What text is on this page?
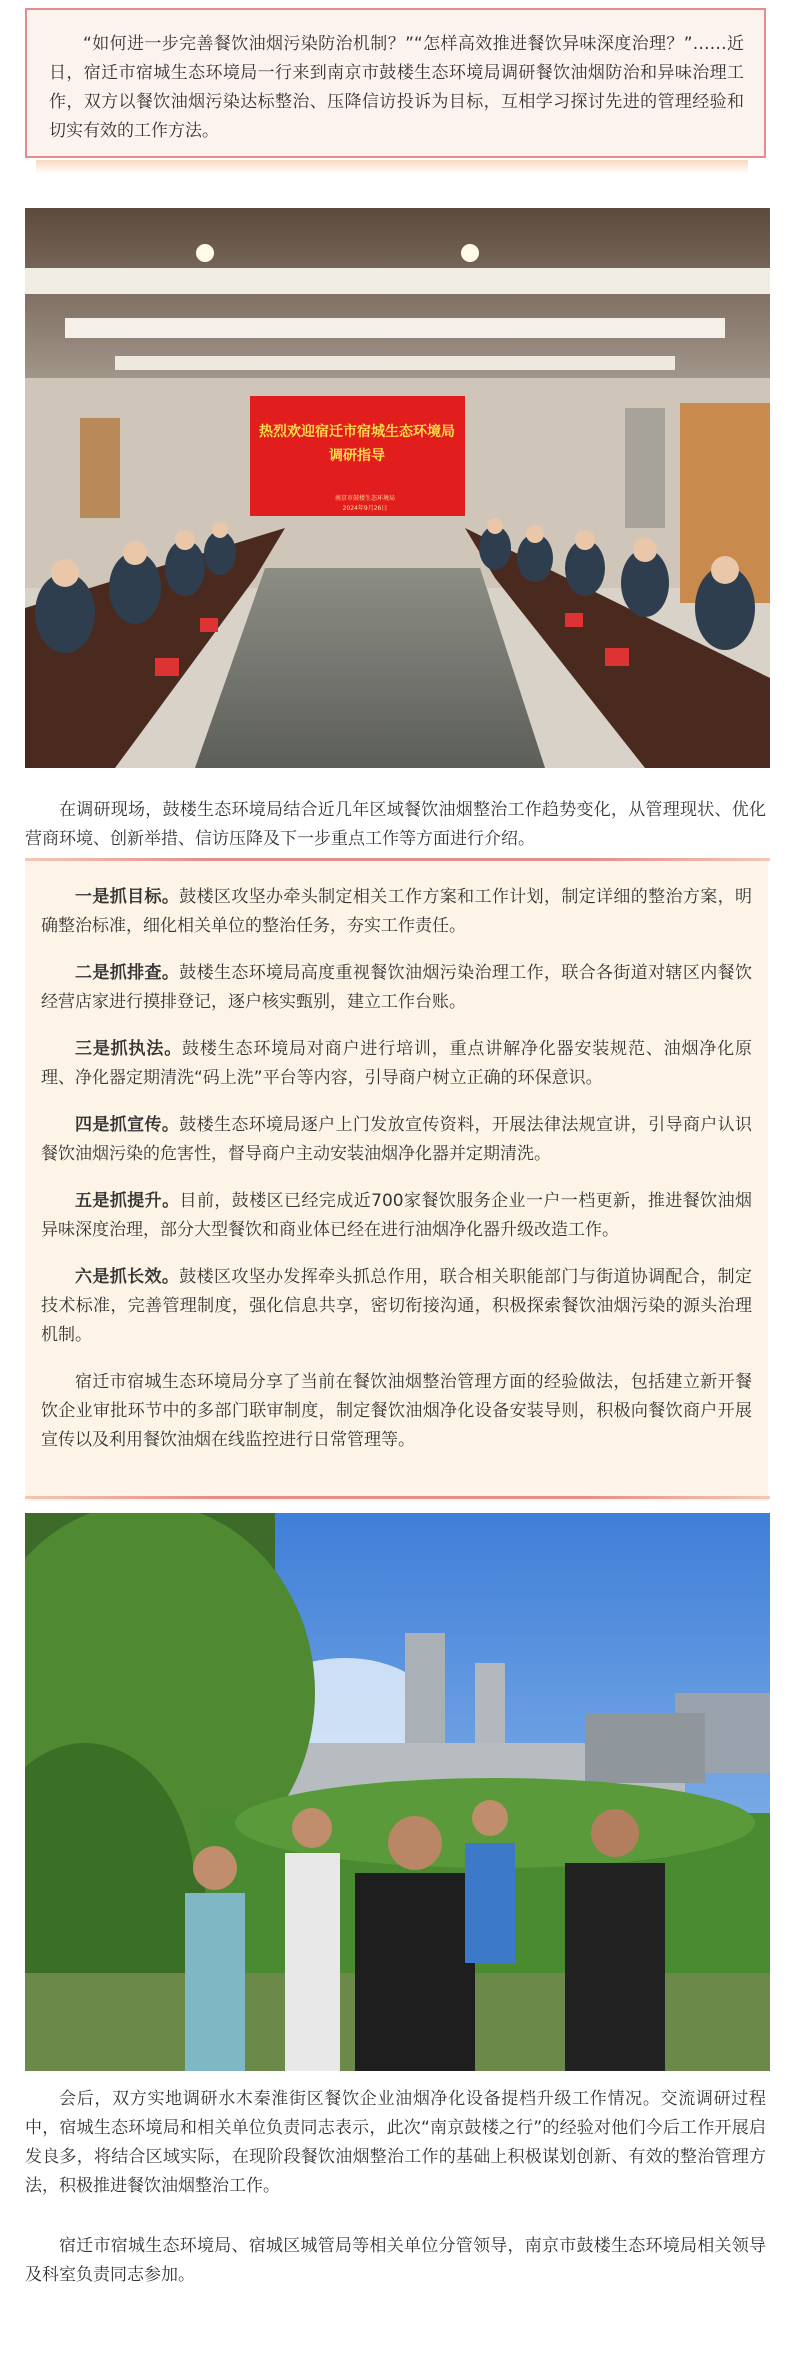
“如何进一步完善餐饮油烟污染防治机制？”“怎样高效推进餐饮异味深度治理？”……近日，宿迁市宿城生态环境局一行来到南京市鼓楼生态环境局调研餐饮油烟防治和异味治理工作，双方以餐饮油烟污染达标整治、压降信访投诉为目标，互相学习探讨先进的管理经验和切实有效的工作方法。

热烈欢迎宿迁市宿城生态环境局
调研指导
南京市鼓楼生态环境局
2024年9月26日

在调研现场，鼓楼生态环境局结合近几年区域餐饮油烟整治工作趋势变化，从管理现状、优化营商环境、创新举措、信访压降及下一步重点工作等方面进行介绍。

一是抓目标。鼓楼区攻坚办牵头制定相关工作方案和工作计划，制定详细的整治方案，明确整治标准，细化相关单位的整治任务，夯实工作责任。

二是抓排查。鼓楼生态环境局高度重视餐饮油烟污染治理工作，联合各街道对辖区内餐饮经营店家进行摸排登记，逐户核实甄别，建立工作台账。

三是抓执法。鼓楼生态环境局对商户进行培训，重点讲解净化器安装规范、油烟净化原理、净化器定期清洗“码上洗”平台等内容，引导商户树立正确的环保意识。

四是抓宣传。鼓楼生态环境局逐户上门发放宣传资料，开展法律法规宣讲，引导商户认识餐饮油烟污染的危害性，督导商户主动安装油烟净化器并定期清洗。

五是抓提升。目前，鼓楼区已经完成近700家餐饮服务企业一户一档更新，推进餐饮油烟异味深度治理，部分大型餐饮和商业体已经在进行油烟净化器升级改造工作。

六是抓长效。鼓楼区攻坚办发挥牵头抓总作用，联合相关职能部门与街道协调配合，制定技术标准，完善管理制度，强化信息共享，密切衔接沟通，积极探索餐饮油烟污染的源头治理机制。

宿迁市宿城生态环境局分享了当前在餐饮油烟整治管理方面的经验做法，包括建立新开餐饮企业审批环节中的多部门联审制度，制定餐饮油烟净化设备安装导则，积极向餐饮商户开展宣传以及利用餐饮油烟在线监控进行日常管理等。

会后，双方实地调研水木秦淮街区餐饮企业油烟净化设备提档升级工作情况。交流调研过程中，宿城生态环境局和相关单位负责同志表示，此次“南京鼓楼之行”的经验对他们今后工作开展启发良多，将结合区域实际，在现阶段餐饮油烟整治工作的基础上积极谋划创新、有效的整治管理方法，积极推进餐饮油烟整治工作。

宿迁市宿城生态环境局、宿城区城管局等相关单位分管领导，南京市鼓楼生态环境局相关领导及科室负责同志参加。
